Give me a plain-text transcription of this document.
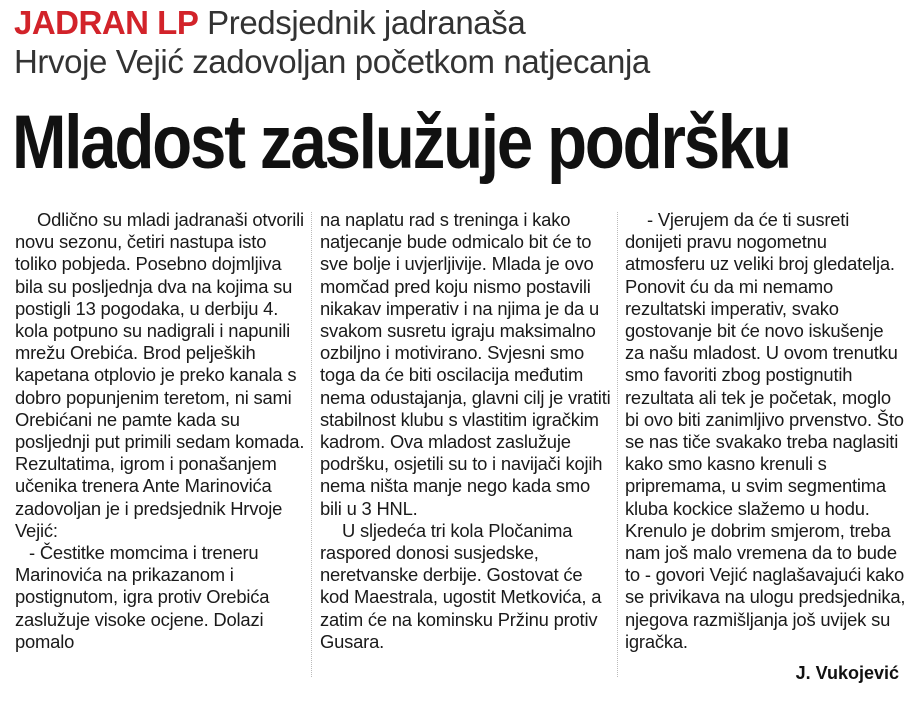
JADRAN LP Predsjednik jadranaša
Hrvoje Vejić zadovoljan početkom natjecanja
Mladost zaslužuje podršku

Odlično su mladi jadranaši otvorili novu sezonu, četiri nastupa isto toliko pobjeda. Posebno dojmljiva bila su posljednja dva na kojima su postigli 13 pogodaka, u derbiju 4. kola potpuno su nadigrali i napunili mrežu Orebića. Brod peljeških kapetana otplovio je preko kanala s dobro popunjenim teretom, ni sami Orebićani ne pamte kada su posljednji put primili sedam komada. Rezultatima, igrom i ponašanjem učenika trenera Ante Marinovića zadovoljan je i predsjednik Hrvoje Vejić:

- Čestitke momcima i treneru Marinovića na prikazanom i postignutom, igra protiv Orebića zaslužuje visoke ocjene. Dolazi pomalo

na naplatu rad s treninga i kako natjecanje bude odmicalo bit će to sve bolje i uvjerljivije. Mlada je ovo momčad pred koju nismo postavili nikakav imperativ i na njima je da u svakom susretu igraju maksimalno ozbiljno i motivirano. Svjesni smo toga da će biti oscilacija međutim nema odustajanja, glavni cilj je vratiti stabilnost klubu s vlastitim igračkim kadrom. Ova mladost zaslužuje podršku, osjetili su to i navijači kojih nema ništa manje nego kada smo bili u 3 HNL.

U sljedeća tri kola Pločanima raspored donosi susjedske, neretvanske derbije. Gostovat će kod Maestrala, ugostit Metkovića, a zatim će na kominsku Pržinu protiv Gusara.

- Vjerujem da će ti susreti donijeti pravu nogometnu atmosferu uz veliki broj gledatelja. Ponovit ću da mi nemamo rezultatski imperativ, svako gostovanje bit će novo iskušenje za našu mladost. U ovom trenutku smo favoriti zbog postignutih rezultata ali tek je početak, moglo bi ovo biti zanimljivo prvenstvo. Što se nas tiče svakako treba naglasiti kako smo kasno krenuli s pripremama, u svim segmentima kluba kockice slažemo u hodu. Krenulo je dobrim smjerom, treba nam još malo vremena da to bude to - govori Vejić naglašavajući kako se privikava na ulogu predsjednika, njegova razmišljanja još uvijek su igračka.

J. Vukojević
